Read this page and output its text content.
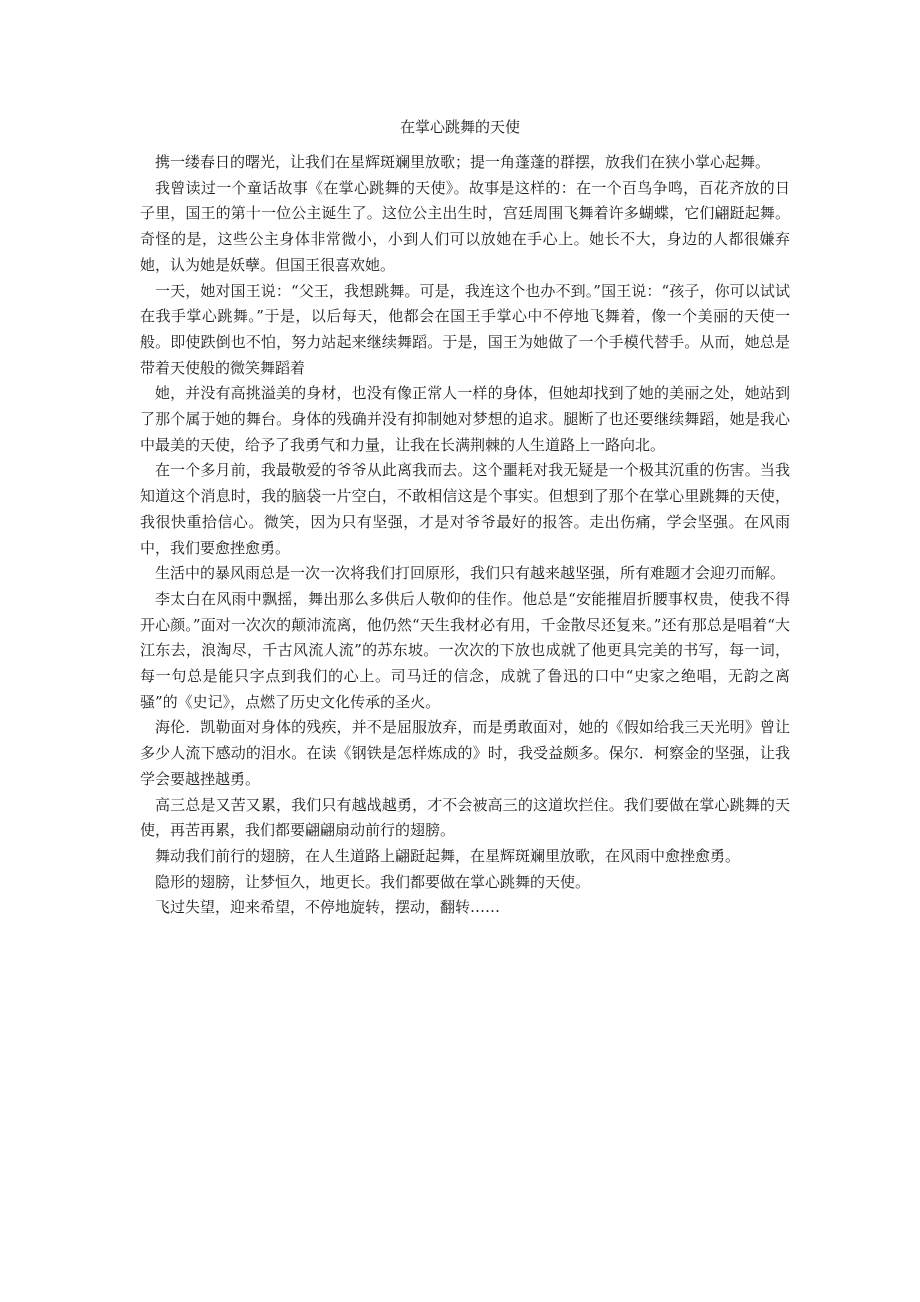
在掌心跳舞的天使

携一缕春日的曙光，让我们在星辉斑斓里放歌；提一角蓬蓬的群摆，放我们在狭小掌心起舞。

我曾读过一个童话故事《在掌心跳舞的天使》。故事是这样的：在一个百鸟争鸣，百花齐放的日子里，国王的第十一位公主诞生了。这位公主出生时，宫廷周围飞舞着许多蝴蝶，它们翩跹起舞。奇怪的是，这些公主身体非常微小，小到人们可以放她在手心上。她长不大，身边的人都很嫌弃她，认为她是妖孽。但国王很喜欢她。

一天，她对国王说：“父王，我想跳舞。可是，我连这个也办不到。”国王说：“孩子，你可以试试在我手掌心跳舞。”于是，以后每天，他都会在国王手掌心中不停地飞舞着，像一个美丽的天使一般。即使跌倒也不怕，努力站起来继续舞蹈。于是，国王为她做了一个手模代替手。从而，她总是带着天使般的微笑舞蹈着

她，并没有高挑溢美的身材，也没有像正常人一样的身体，但她却找到了她的美丽之处，她站到了那个属于她的舞台。身体的残确并没有抑制她对梦想的追求。腿断了也还要继续舞蹈，她是我心中最美的天使，给予了我勇气和力量，让我在长满荆棘的人生道路上一路向北。

在一个多月前，我最敬爱的爷爷从此离我而去。这个噩耗对我无疑是一个极其沉重的伤害。当我知道这个消息时，我的脑袋一片空白，不敢相信这是个事实。但想到了那个在掌心里跳舞的天使，我很快重拾信心。微笑，因为只有坚强，才是对爷爷最好的报答。走出伤痛，学会坚强。在风雨中，我们要愈挫愈勇。

生活中的暴风雨总是一次一次将我们打回原形，我们只有越来越坚强，所有难题才会迎刃而解。

李太白在风雨中飘摇，舞出那么多供后人敬仰的佳作。他总是“安能摧眉折腰事权贵，使我不得开心颜。”面对一次次的颠沛流离，他仍然“天生我材必有用，千金散尽还复来。”还有那总是唱着“大江东去，浪淘尽，千古风流人流”的苏东坡。一次次的下放也成就了他更具完美的书写，每一词，每一句总是能只字点到我们的心上。司马迁的信念，成就了鲁迅的口中“史家之绝唱，无韵之离骚”的《史记》，点燃了历史文化传承的圣火。

海伦．凯勒面对身体的残疾，并不是屈服放弃，而是勇敢面对，她的《假如给我三天光明》曾让多少人流下感动的泪水。在读《钢铁是怎样炼成的》时，我受益颇多。保尔．柯察金的坚强，让我学会要越挫越勇。

高三总是又苦又累，我们只有越战越勇，才不会被高三的这道坎拦住。我们要做在掌心跳舞的天使，再苦再累，我们都要翩翩扇动前行的翅膀。

舞动我们前行的翅膀，在人生道路上翩跹起舞，在星辉斑斓里放歌，在风雨中愈挫愈勇。

隐形的翅膀，让梦恒久，地更长。我们都要做在掌心跳舞的天使。

飞过失望，迎来希望，不停地旋转，摆动，翻转……
